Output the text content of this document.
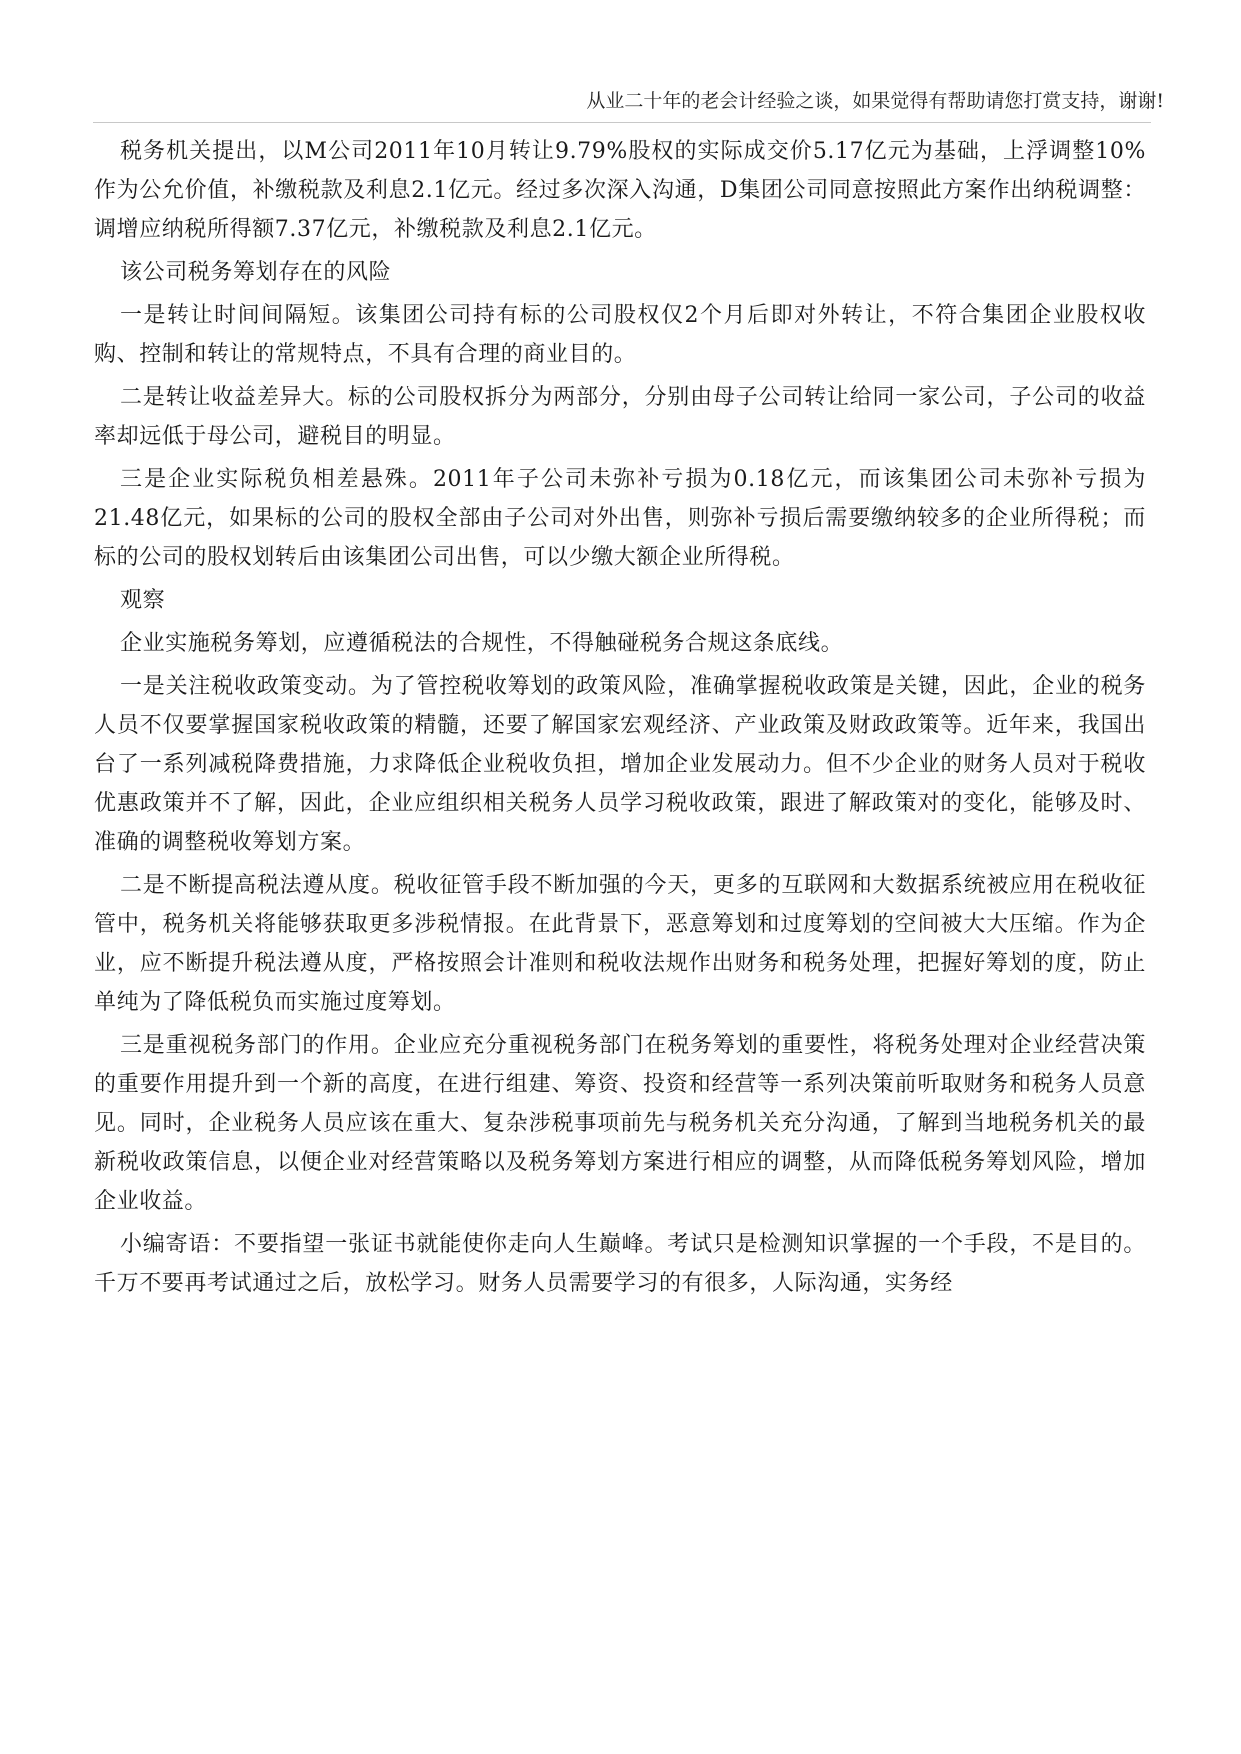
从业二十年的老会计经验之谈，如果觉得有帮助请您打赏支持，谢谢!

税务机关提出，以M公司2011年10月转让9.79%股权的实际成交价5.17亿元为基础，上浮调整10%作为公允价值，补缴税款及利息2.1亿元。经过多次深入沟通，D集团公司同意按照此方案作出纳税调整：调增应纳税所得额7.37亿元，补缴税款及利息2.1亿元。

该公司税务筹划存在的风险

一是转让时间间隔短。该集团公司持有标的公司股权仅2个月后即对外转让，不符合集团企业股权收购、控制和转让的常规特点，不具有合理的商业目的。

二是转让收益差异大。标的公司股权拆分为两部分，分别由母子公司转让给同一家公司，子公司的收益率却远低于母公司，避税目的明显。

三是企业实际税负相差悬殊。2011年子公司未弥补亏损为0.18亿元，而该集团公司未弥补亏损为21.48亿元，如果标的公司的股权全部由子公司对外出售，则弥补亏损后需要缴纳较多的企业所得税；而标的公司的股权划转后由该集团公司出售，可以少缴大额企业所得税。

观察

企业实施税务筹划，应遵循税法的合规性，不得触碰税务合规这条底线。

一是关注税收政策变动。为了管控税收筹划的政策风险，准确掌握税收政策是关键，因此，企业的税务人员不仅要掌握国家税收政策的精髓，还要了解国家宏观经济、产业政策及财政政策等。近年来，我国出台了一系列减税降费措施，力求降低企业税收负担，增加企业发展动力。但不少企业的财务人员对于税收优惠政策并不了解，因此，企业应组织相关税务人员学习税收政策，跟进了解政策对的变化，能够及时、准确的调整税收筹划方案。

二是不断提高税法遵从度。税收征管手段不断加强的今天，更多的互联网和大数据系统被应用在税收征管中，税务机关将能够获取更多涉税情报。在此背景下，恶意筹划和过度筹划的空间被大大压缩。作为企业，应不断提升税法遵从度，严格按照会计准则和税收法规作出财务和税务处理，把握好筹划的度，防止单纯为了降低税负而实施过度筹划。

三是重视税务部门的作用。企业应充分重视税务部门在税务筹划的重要性，将税务处理对企业经营决策的重要作用提升到一个新的高度，在进行组建、筹资、投资和经营等一系列决策前听取财务和税务人员意见。同时，企业税务人员应该在重大、复杂涉税事项前先与税务机关充分沟通，了解到当地税务机关的最新税收政策信息，以便企业对经营策略以及税务筹划方案进行相应的调整，从而降低税务筹划风险，增加企业收益。

小编寄语：不要指望一张证书就能使你走向人生巅峰。考试只是检测知识掌握的一个手段，不是目的。千万不要再考试通过之后，放松学习。财务人员需要学习的有很多，人际沟通，实务经
